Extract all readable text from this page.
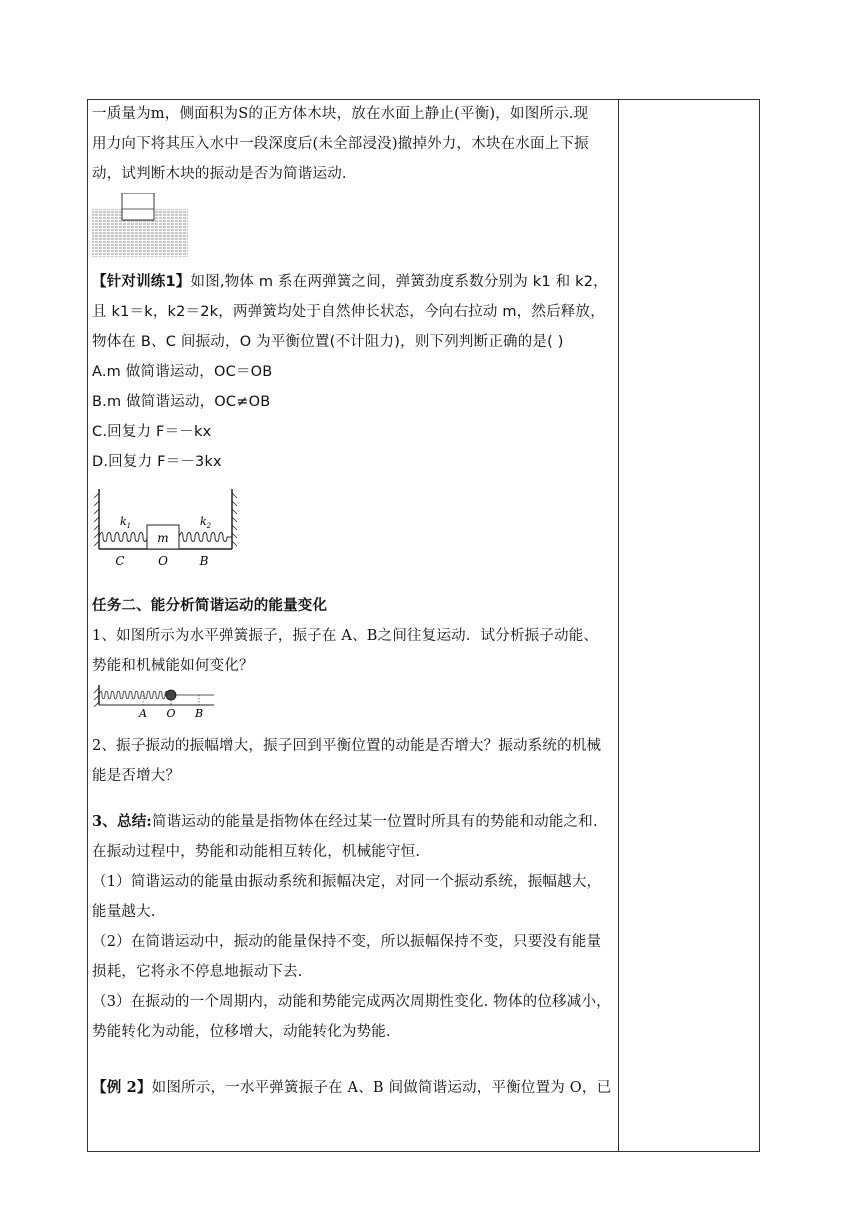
一质量为m，侧面积为S的正方体木块，放在水面上静止(平衡)，如图所示.现

用力向下将其压入水中一段深度后(未全部浸没)撤掉外力，木块在水面上下振

动，试判断木块的振动是否为简谐运动.

【针对训练1】如图,物体 m 系在两弹簧之间，弹簧劲度系数分别为 k1 和 k2，

且 k1＝k，k2＝2k，两弹簧均处于自然伸长状态，今向右拉动 m，然后释放，

物体在 B、C 间振动，O 为平衡位置(不计阻力)，则下列判断正确的是( )

A.m 做简谐运动，OC＝OB

B.m 做简谐运动，OC≠OB

C.回复力 F＝－kx

D.回复力 F＝－3kx

m
$k_1$	$k_2$
C	O	B

任务二、能分析简谐运动的能量变化

1、如图所示为水平弹簧振子，振子在 A、B之间往复运动．试分析振子动能、

势能和机械能如何变化？

A O B

2、振子振动的振幅增大，振子回到平衡位置的动能是否增大？振动系统的机械

能是否增大？

3、总结:简谐运动的能量是指物体在经过某一位置时所具有的势能和动能之和.

在振动过程中，势能和动能相互转化，机械能守恒.

（1）简谐运动的能量由振动系统和振幅决定，对同一个振动系统，振幅越大，

能量越大.

（2）在简谐运动中，振动的能量保持不变，所以振幅保持不变，只要没有能量

损耗，它将永不停息地振动下去.

（3）在振动的一个周期内，动能和势能完成两次周期性变化. 物体的位移减小，

势能转化为动能，位移增大，动能转化为势能.

【例 2】如图所示，一水平弹簧振子在 A、B 间做简谐运动，平衡位置为 O，已
